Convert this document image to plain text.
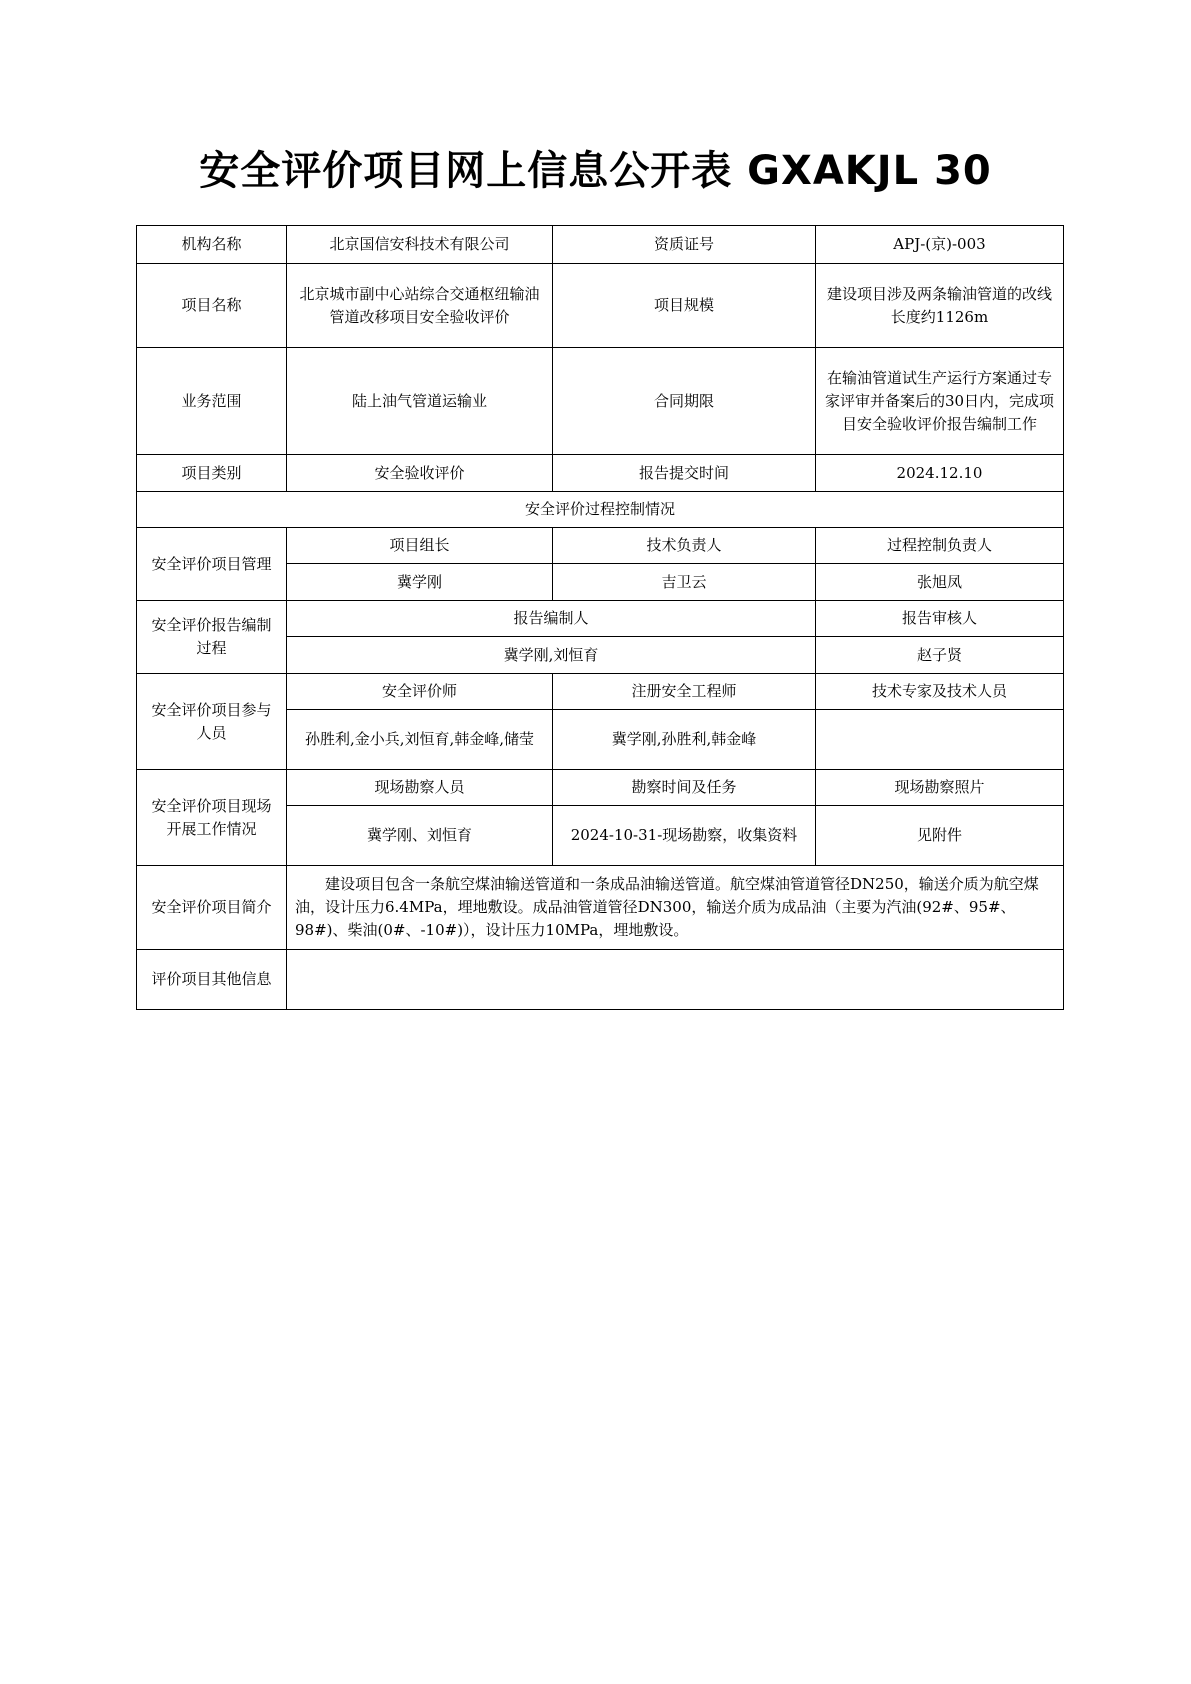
安全评价项目网上信息公开表 GXAKJL 30
机构名称	北京国信安科技术有限公司	资质证号	APJ-(京)-003
项目名称	北京城市副中心站综合交通枢纽输油管道改移项目安全验收评价	项目规模	建设项目涉及两条输油管道的改线长度约1126m
业务范围	陆上油气管道运输业	合同期限	在输油管道试生产运行方案通过专家评审并备案后的30日内，完成项目安全验收评价报告编制工作
项目类别	安全验收评价	报告提交时间	2024.12.10
安全评价过程控制情况			
安全评价项目管理	项目组长	技术负责人	过程控制负责人
	冀学刚	吉卫云	张旭凤
安全评价报告编制过程	报告编制人		报告审核人
	冀学刚,刘恒育		赵子贤
安全评价项目参与人员	安全评价师	注册安全工程师	技术专家及技术人员
	孙胜利,金小兵,刘恒育,韩金峰,储莹	冀学刚,孙胜利,韩金峰	
安全评价项目现场开展工作情况	现场勘察人员	勘察时间及任务	现场勘察照片
	冀学刚、刘恒育	2024-10-31-现场勘察，收集资料	见附件
安全评价项目简介	建设项目包含一条航空煤油输送管道和一条成品油输送管道。航空煤油管道管径DN250，输送介质为航空煤油，设计压力6.4MPa，埋地敷设。成品油管道管径DN300，输送介质为成品油（主要为汽油(92#、95#、98#)、柴油(0#、-10#)），设计压力10MPa，埋地敷设。		
评价项目其他信息			
